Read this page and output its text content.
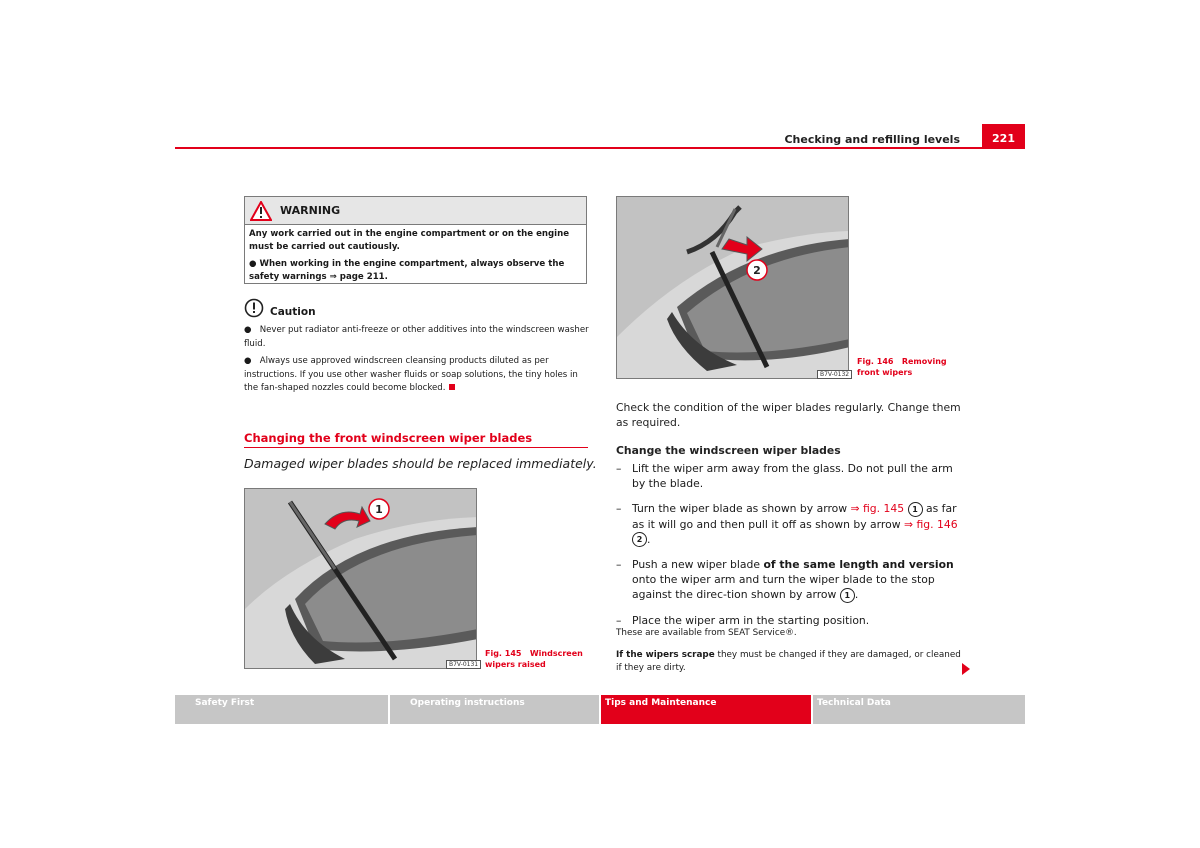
Checking and refilling levels	221
WARNING

Any work carried out in the engine compartment or on the engine must be carried out cautiously.

● When working in the engine compartment, always observe the safety warnings ⇒ page 211.

Caution

●   Never put radiator anti-freeze or other additives into the windscreen washer fluid.

●   Always use approved windscreen cleansing products diluted as per instructions. If you use other washer fluids or soap solutions, the tiny holes in the fan-shaped nozzles could become blocked.

Changing the front windscreen wiper blades
Damaged wiper blades should be replaced immediately.
1
B7V-0131
Fig. 145 Windscreen wipers raised
2
B7V-0132
Fig. 146 Removing front wipers

Check the condition of the wiper blades regularly. Change them as required.

Change the windscreen wiper blades
– Lift the wiper arm away from the glass. Do not pull the arm by the blade.
– Turn the wiper blade as shown by arrow ⇒ fig. 145 1 as far as it will go and then pull it off as shown by arrow ⇒ fig. 146 2 .
– Push a new wiper blade of the same length and version onto the wiper arm and turn the wiper blade to the stop against the direc-tion shown by arrow 1 .
– Place the wiper arm in the starting position.
These are available from SEAT Service®.
If the wipers scrape they must be changed if they are damaged, or cleaned if they are dirty.
Safety First	Operating instructions	Tips and Maintenance	Technical Data
